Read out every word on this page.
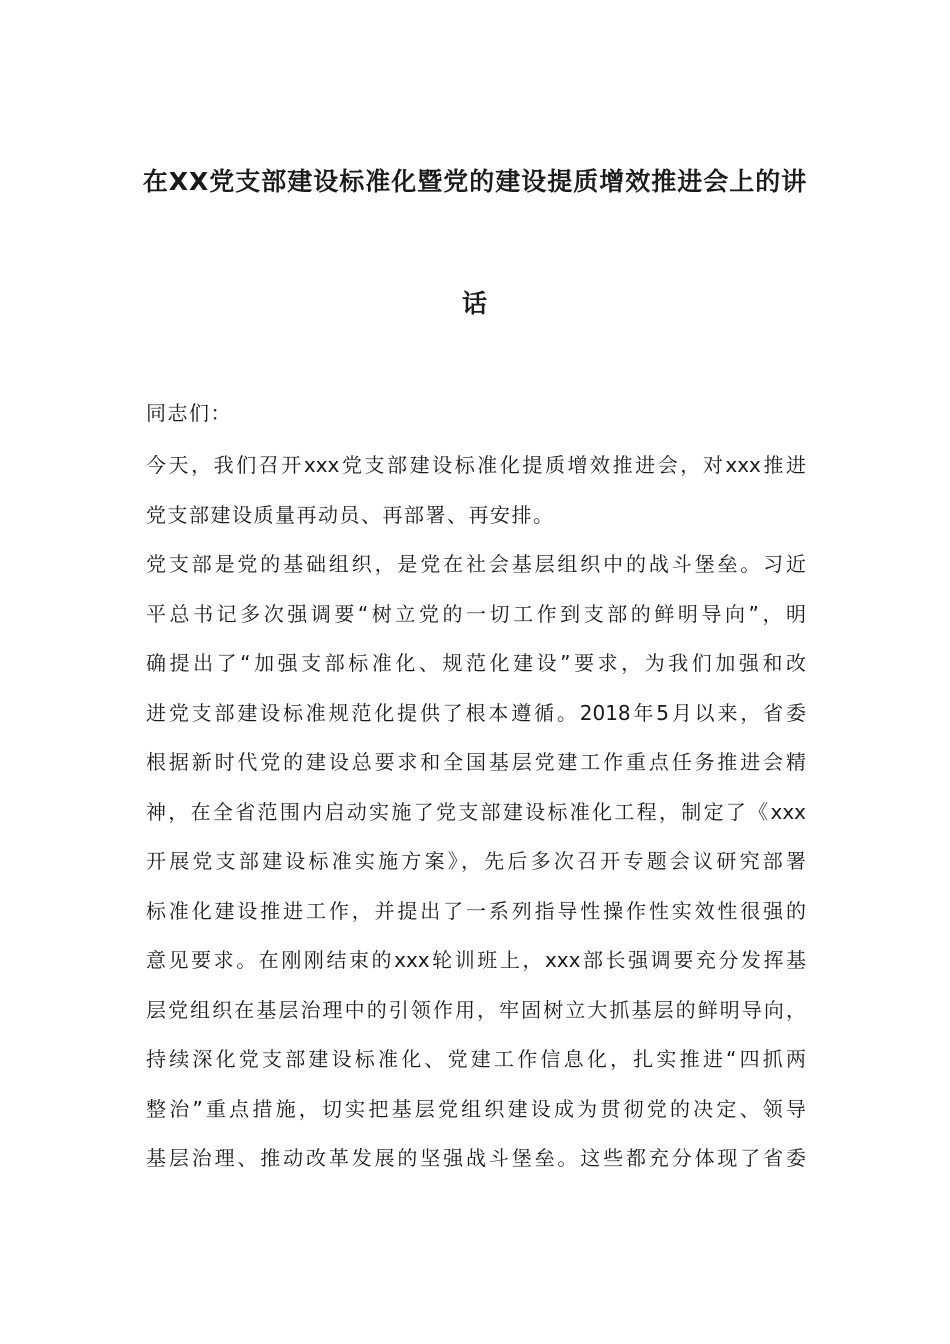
在XX党支部建设标准化暨党的建设提质增效推进会上的讲
话
同志们：
今天，我们召开xxx党支部建设标准化提质增效推进会，对xxx推进
党支部建设质量再动员、再部署、再安排。
党支部是党的基础组织，是党在社会基层组织中的战斗堡垒。习近
平总书记多次强调要“树立党的一切工作到支部的鲜明导向”，明
确提出了“加强支部标准化、规范化建设”要求，为我们加强和改
进党支部建设标准规范化提供了根本遵循。2018年5月以来，省委
根据新时代党的建设总要求和全国基层党建工作重点任务推进会精
神，在全省范围内启动实施了党支部建设标准化工程，制定了《xxx
开展党支部建设标准实施方案》，先后多次召开专题会议研究部署
标准化建设推进工作，并提出了一系列指导性操作性实效性很强的
意见要求。在刚刚结束的xxx轮训班上，xxx部长强调要充分发挥基
层党组织在基层治理中的引领作用，牢固树立大抓基层的鲜明导向，
持续深化党支部建设标准化、党建工作信息化，扎实推进“四抓两
整治”重点措施，切实把基层党组织建设成为贯彻党的决定、领导
基层治理、推动改革发展的坚强战斗堡垒。这些都充分体现了省委
